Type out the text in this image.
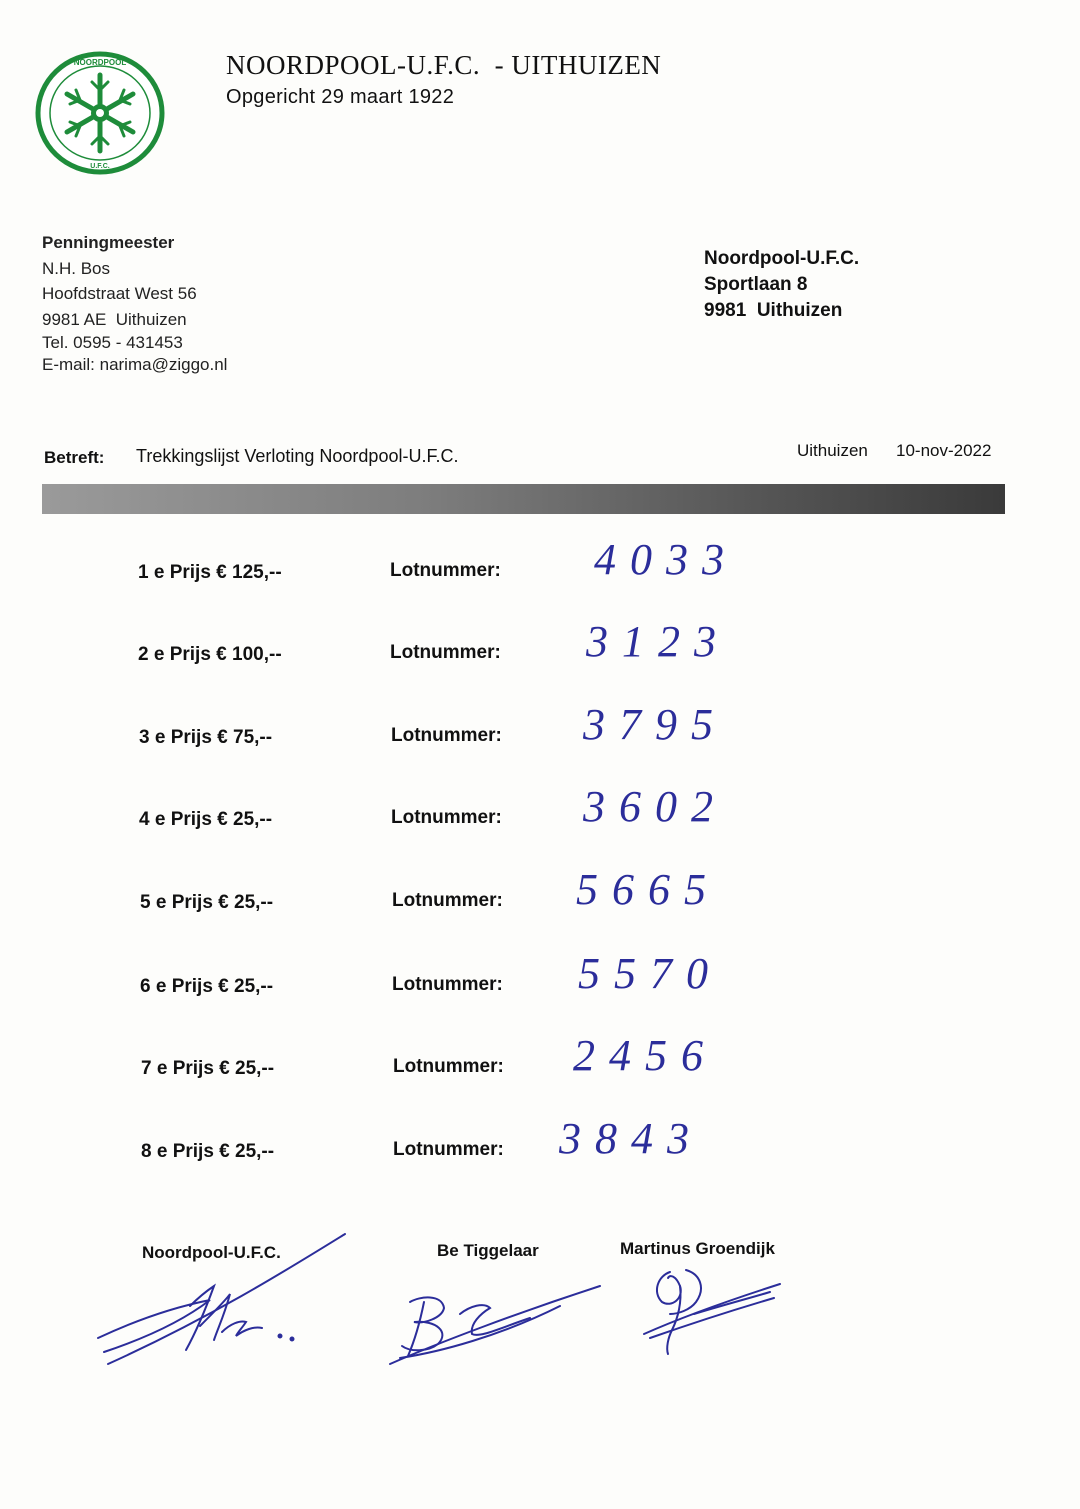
NOORDPOOL
U.F.C.
NOORDPOOL-U.F.C.  - UITHUIZEN
Opgericht 29 maart 1922
Penningmeester
N.H. Bos
Hoofdstraat West 56
9981 AE  Uithuizen
Tel. 0595 - 431453
E-mail: narima@ziggo.nl
Noordpool-U.F.C.
Sportlaan 8
9981  Uithuizen
Betreft: Trekkingslijst Verloting Noordpool-U.F.C.	Uithuizen 10-nov-2022
1 e Prijs € 125,--	Lotnummer: 4033
2 e Prijs € 100,--	Lotnummer: 3123
3 e Prijs € 75,--	Lotnummer: 3795
4 e Prijs € 25,--	Lotnummer: 3602
5 e Prijs € 25,--	Lotnummer: 5665
6 e Prijs € 25,--	Lotnummer: 5570
7 e Prijs € 25,--	Lotnummer: 2456
8 e Prijs € 25,--	Lotnummer: 3843
Noordpool-U.F.C.	Be Tiggelaar	Martinus Groendijk
